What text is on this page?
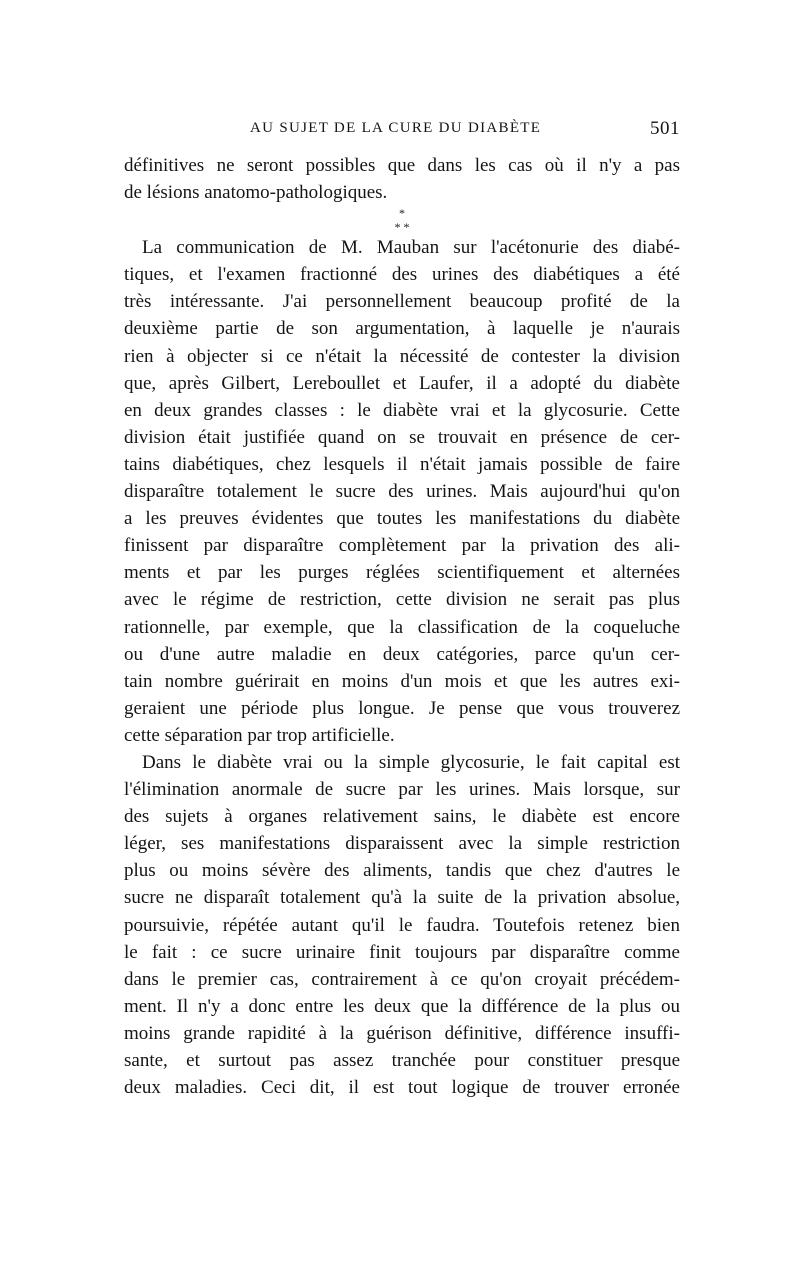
AU SUJET DE LA CURE DU DIABÈTE	501
définitives ne seront possibles que dans les cas où il n'y a pas
de lésions anatomo-pathologiques.
*
* *
La communication de M. Mauban sur l'acétonurie des diabé-
tiques, et l'examen fractionné des urines des diabétiques a été
très intéressante. J'ai personnellement beaucoup profité de la
deuxième partie de son argumentation, à laquelle je n'aurais
rien à objecter si ce n'était la nécessité de contester la division
que, après Gilbert, Lereboullet et Laufer, il a adopté du diabète
en deux grandes classes : le diabète vrai et la glycosurie. Cette
division était justifiée quand on se trouvait en présence de cer-
tains diabétiques, chez lesquels il n'était jamais possible de faire
disparaître totalement le sucre des urines. Mais aujourd'hui qu'on
a les preuves évidentes que toutes les manifestations du diabète
finissent par disparaître complètement par la privation des ali-
ments et par les purges réglées scientifiquement et alternées
avec le régime de restriction, cette division ne serait pas plus
rationnelle, par exemple, que la classification de la coqueluche
ou d'une autre maladie en deux catégories, parce qu'un cer-
tain nombre guérirait en moins d'un mois et que les autres exi-
geraient une période plus longue. Je pense que vous trouverez
cette séparation par trop artificielle.
Dans le diabète vrai ou la simple glycosurie, le fait capital est
l'élimination anormale de sucre par les urines. Mais lorsque, sur
des sujets à organes relativement sains, le diabète est encore
léger, ses manifestations disparaissent avec la simple restriction
plus ou moins sévère des aliments, tandis que chez d'autres le
sucre ne disparaît totalement qu'à la suite de la privation absolue,
poursuivie, répétée autant qu'il le faudra. Toutefois retenez bien
le fait : ce sucre urinaire finit toujours par disparaître comme
dans le premier cas, contrairement à ce qu'on croyait précédem-
ment. Il n'y a donc entre les deux que la différence de la plus ou
moins grande rapidité à la guérison définitive, différence insuffi-
sante, et surtout pas assez tranchée pour constituer presque
deux maladies. Ceci dit, il est tout logique de trouver erronée
